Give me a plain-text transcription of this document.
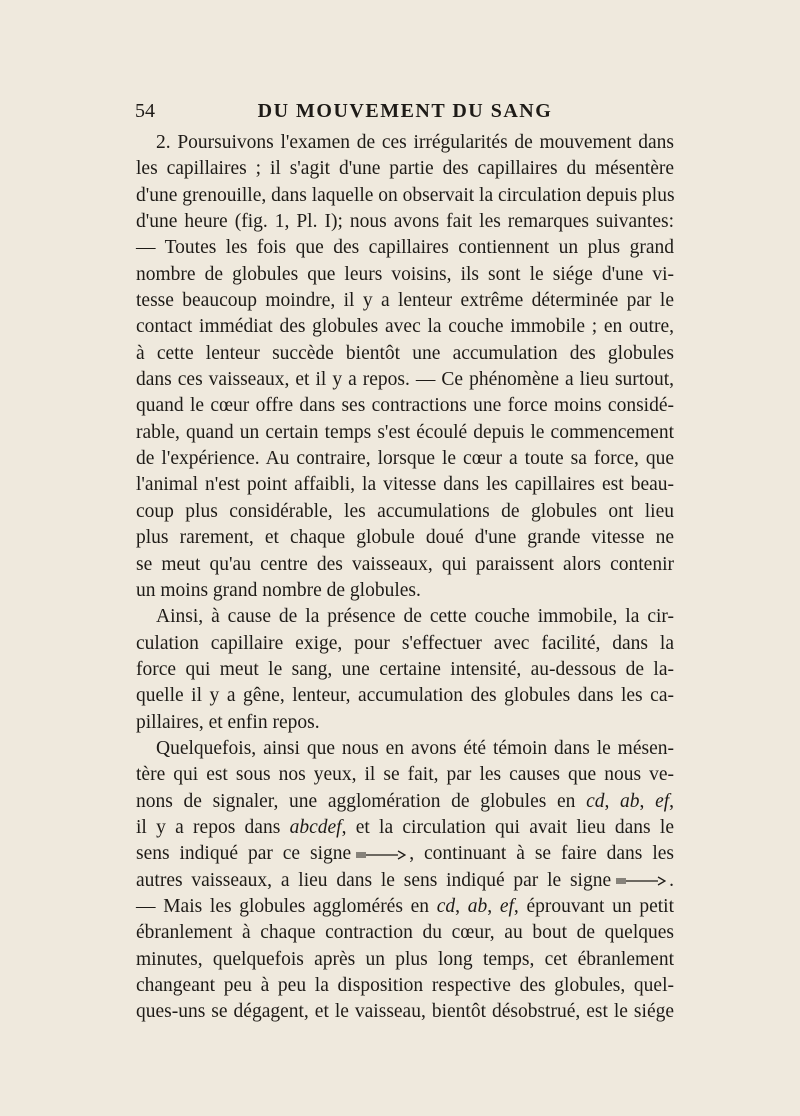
54	DU MOUVEMENT DU SANG
2. Poursuivons l'examen de ces irrégularités de mouvement dans
les capillaires ; il s'agit d'une partie des capillaires du mésentère
d'une grenouille, dans laquelle on observait la circulation depuis plus
d'une heure (fig. 1, Pl. I); nous avons fait les remarques suivantes:
— Toutes les fois que des capillaires contiennent un plus grand
nombre de globules que leurs voisins, ils sont le siége d'une vi-
tesse beaucoup moindre, il y a lenteur extrême déterminée par le
contact immédiat des globules avec la couche immobile ; en outre,
à cette lenteur succède bientôt une accumulation des globules
dans ces vaisseaux, et il y a repos. — Ce phénomène a lieu surtout,
quand le cœur offre dans ses contractions une force moins considé-
rable, quand un certain temps s'est écoulé depuis le commencement
de l'expérience. Au contraire, lorsque le cœur a toute sa force, que
l'animal n'est point affaibli, la vitesse dans les capillaires est beau-
coup plus considérable, les accumulations de globules ont lieu
plus rarement, et chaque globule doué d'une grande vitesse ne
se meut qu'au centre des vaisseaux, qui paraissent alors contenir
un moins grand nombre de globules.
Ainsi, à cause de la présence de cette couche immobile, la cir-
culation capillaire exige, pour s'effectuer avec facilité, dans la
force qui meut le sang, une certaine intensité, au-dessous de la-
quelle il y a gêne, lenteur, accumulation des globules dans les ca-
pillaires, et enfin repos.
Quelquefois, ainsi que nous en avons été témoin dans le mésen-
tère qui est sous nos yeux, il se fait, par les causes que nous ve-
nons de signaler, une agglomération de globules en cd, ab, ef,
il y a repos dans abcdef, et la circulation qui avait lieu dans le
sens indiqué par ce signe	, continuant à se faire dans les
autres vaisseaux, a lieu dans le sens indiqué par le signe	.
— Mais les globules agglomérés en cd, ab, ef, éprouvant un petit
ébranlement à chaque contraction du cœur, au bout de quelques
minutes, quelquefois après un plus long temps, cet ébranlement
changeant peu à peu la disposition respective des globules, quel-
ques-uns se dégagent, et le vaisseau, bientôt désobstrué, est le siége
